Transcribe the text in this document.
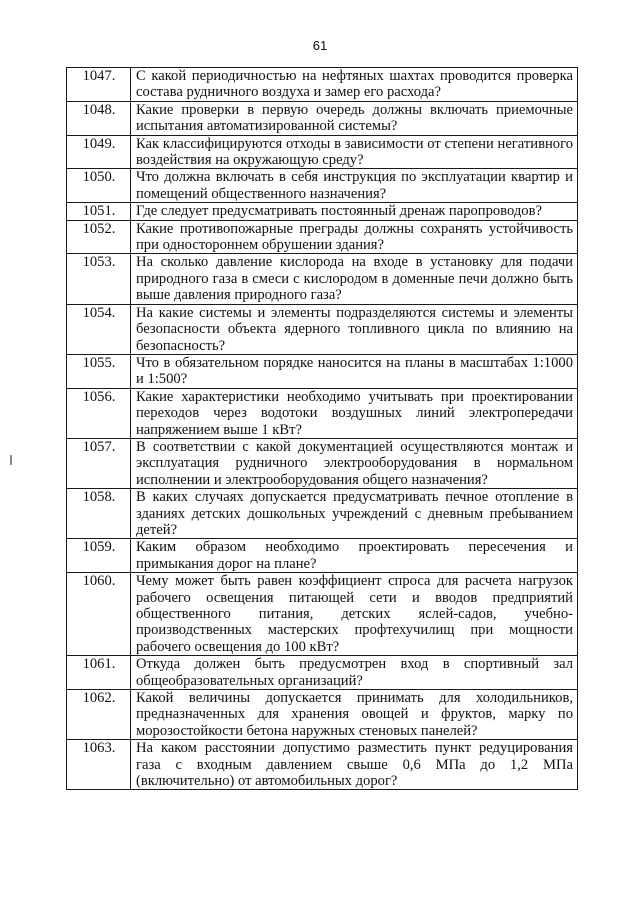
61
1047.	С какой периодичностью на нефтяных шахтах проводится проверка состава рудничного воздуха и замер его расхода?
1048.	Какие проверки в первую очередь должны включать приемочные испытания автоматизированной системы?
1049.	Как классифицируются отходы в зависимости от степени негативного воздействия на окружающую среду?
1050.	Что должна включать в себя инструкция по эксплуатации квартир и помещений общественного назначения?
1051.	Где следует предусматривать постоянный дренаж паропроводов?
1052.	Какие противопожарные преграды должны сохранять устойчивость при одностороннем обрушении здания?
1053.	На сколько давление кислорода на входе в установку для подачи природного газа в смеси с кислородом в доменные печи должно быть выше давления природного газа?
1054.	На какие системы и элементы подразделяются системы и элементы безопасности объекта ядерного топливного цикла по влиянию на безопасность?
1055.	Что в обязательном порядке наносится на планы в масштабах 1:1000 и 1:500?
1056.	Какие характеристики необходимо учитывать при проектировании переходов через водотоки воздушных линий электропередачи напряжением выше 1 кВт?
1057.	В соответствии с какой документацией осуществляются монтаж и эксплуатация рудничного электрооборудования в нормальном исполнении и электрооборудования общего назначения?
1058.	В каких случаях допускается предусматривать печное отопление в зданиях детских дошкольных учреждений с дневным пребыванием детей?
1059.	Каким образом необходимо проектировать пересечения и примыкания дорог на плане?
1060.	Чему может быть равен коэффициент спроса для расчета нагрузок рабочего освещения питающей сети и вводов предприятий общественного питания, детских яслей-садов, учебно-производственных мастерских профтехучилищ при мощности рабочего освещения до 100 кВт?
1061.	Откуда должен быть предусмотрен вход в спортивный зал общеобразовательных организаций?
1062.	Какой величины допускается принимать для холодильников, предназначенных для хранения овощей и фруктов, марку по морозостойкости бетона наружных стеновых панелей?
1063.	На каком расстоянии допустимо разместить пункт редуцирования газа с входным давлением свыше 0,6 МПа до 1,2 МПа (включительно) от автомобильных дорог?
